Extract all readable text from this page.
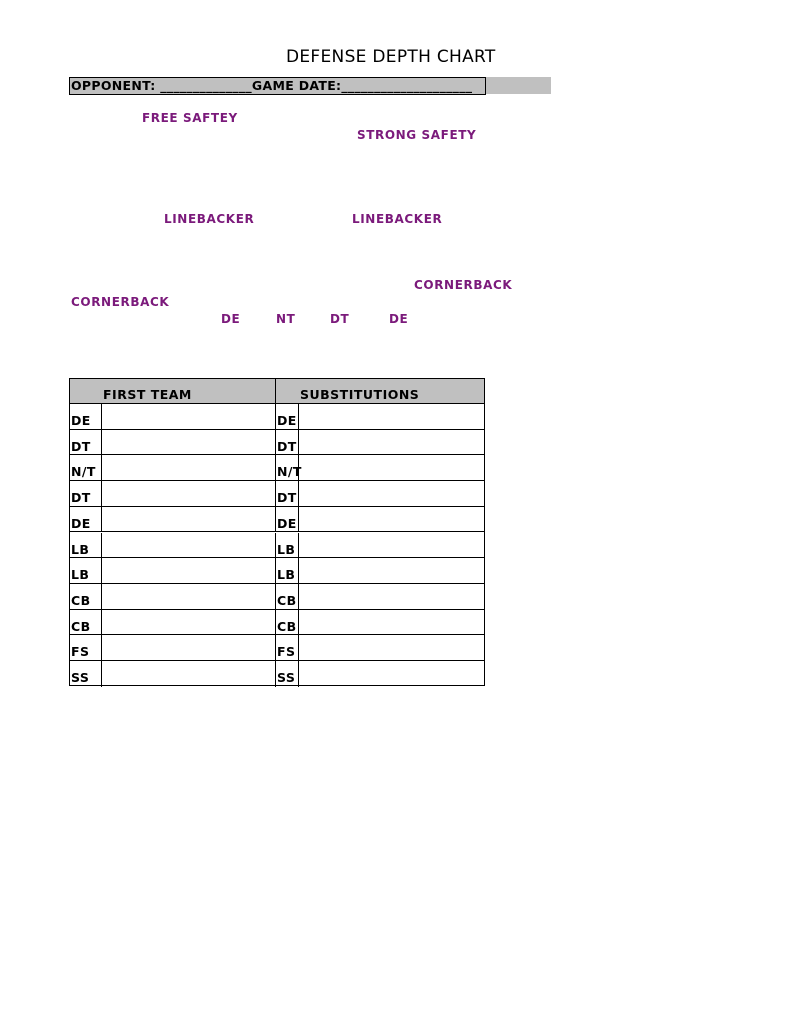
DEFENSE DEPTH CHART
OPPONENT: ______________GAME DATE:____________________
FREE SAFTEY
STRONG SAFETY
LINEBACKER	LINEBACKER
CORNERBACK
CORNERBACK
DE	NT	DT	DE
FIRST TEAM	SUBSTITUTIONS
DE	DE
DT	DT
N/T	N/T
DT	DT
DE	DE
LB	LB
LB	LB
CB	CB
CB	CB
FS	FS
SS	SS
